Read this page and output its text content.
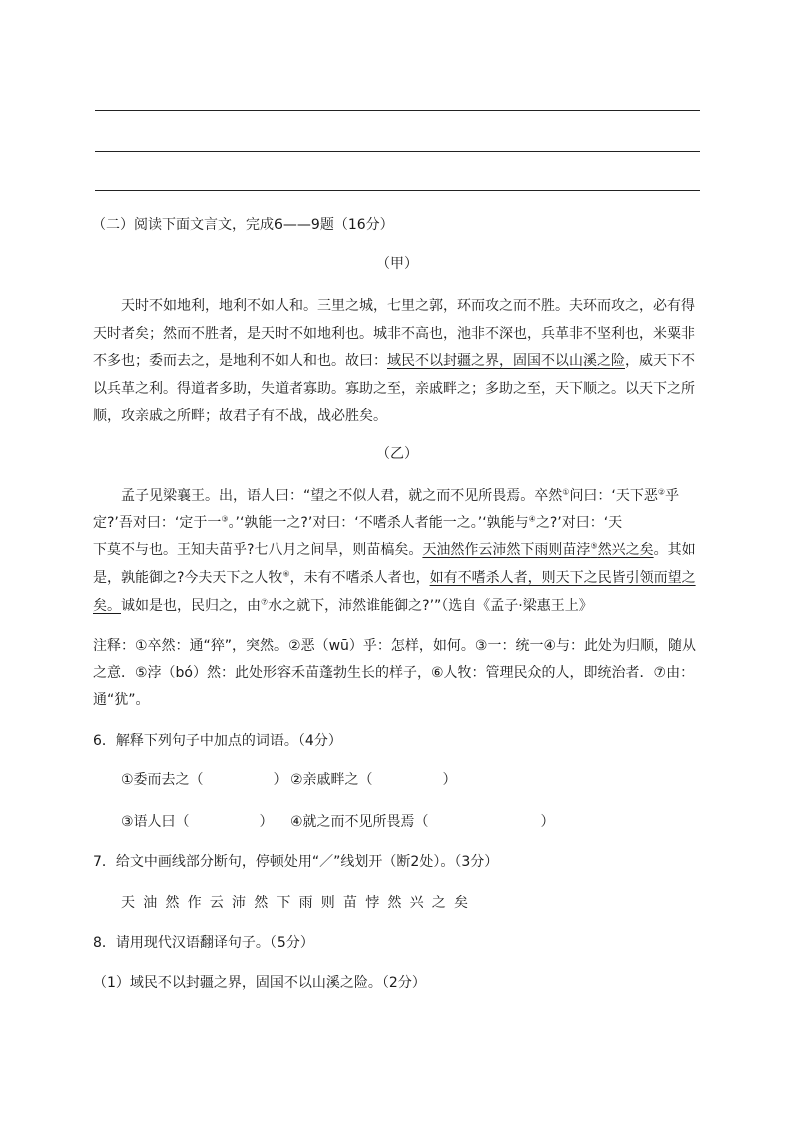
（二）阅读下面文言文，完成6——9题（16分）
（甲）
天时不如地利，地利不如人和。三里之城，七里之郭，环而攻之而不胜。夫环而攻之，必有得
天时者矣；然而不胜者，是天时不如地利也。城非不高也，池非不深也，兵革非不坚利也，米粟非
不多也；委而去之，是地利不如人和也。故曰：域民不以封疆之界，固国不以山溪之险，威天下不
以兵革之利。得道者多助，失道者寡助。寡助之至，亲戚畔之；多助之至，天下顺之。以天下之所
顺，攻亲戚之所畔；故君子有不战，战必胜矣。
（乙）
孟子见梁襄王。出，语人曰：“望之不似人君，就之而不见所畏焉。卒然①问曰：‘天下恶②乎
定?’吾对曰：‘定于一③。’‘孰能一之?’对曰：‘不嗜杀人者能一之。’‘孰能与④之?’对曰：‘天
下莫不与也。王知夫苗乎?七八月之间旱，则苗槁矣。天油然作云沛然下雨则苗浡⑤然兴之矣。其如
是，孰能御之?今夫天下之人牧⑥，未有不嗜杀人者也，如有不嗜杀人者，则天下之民皆引领而望之
矣。诚如是也，民归之，由⑦水之就下，沛然谁能御之?’”（选自《孟子·梁惠王上》
注释：①卒然：通“猝”，突然。②恶（wū）乎：怎样，如何。③一：统一④与：此处为归顺，随从
之意．⑤浡（bó）然：此处形容禾苗蓬勃生长的样子，⑥人牧：管理民众的人，即统治者．⑦由：
通“犹”。
6．解释下列句子中加点的词语。（4分）
①委而去之（　　　　　） ②亲戚畔之（　　　　　）
③语人曰（　　　　　） ④就之而不见所畏焉（　　　　　　　　）
7．给文中画线部分断句，停顿处用“／”线划开（断2处）。（3分）
天油然作云沛然下雨则苗悖然兴之矣
8．请用现代汉语翻译句子。（5分）
（1）域民不以封疆之界，固国不以山溪之险。（2分）
